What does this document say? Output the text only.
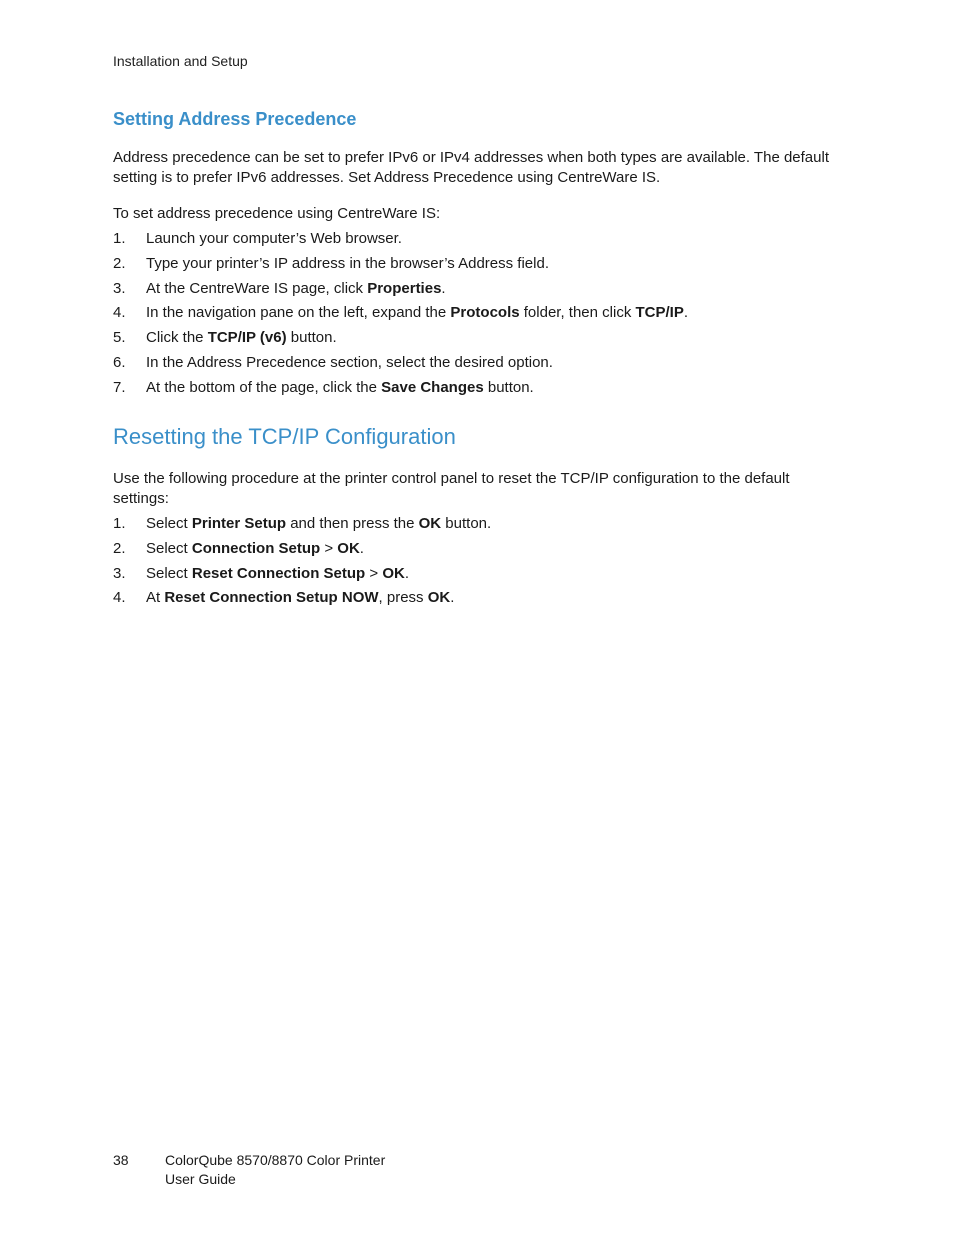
Installation and Setup
Setting Address Precedence

Address precedence can be set to prefer IPv6 or IPv4 addresses when both types are available. The default setting is to prefer IPv6 addresses. Set Address Precedence using CentreWare IS.

To set address precedence using CentreWare IS:

1. Launch your computer’s Web browser.
2. Type your printer’s IP address in the browser’s Address field.
3. At the CentreWare IS page, click Properties.
4. In the navigation pane on the left, expand the Protocols folder, then click TCP/IP.
5. Click the TCP/IP (v6) button.
6. In the Address Precedence section, select the desired option.
7. At the bottom of the page, click the Save Changes button.
Resetting the TCP/IP Configuration

Use the following procedure at the printer control panel to reset the TCP/IP configuration to the default settings:

1. Select Printer Setup and then press the OK button.
2. Select Connection Setup > OK.
3. Select Reset Connection Setup > OK.
4. At Reset Connection Setup NOW, press OK.
38	ColorQube 8570/8870 Color Printer
User Guide
